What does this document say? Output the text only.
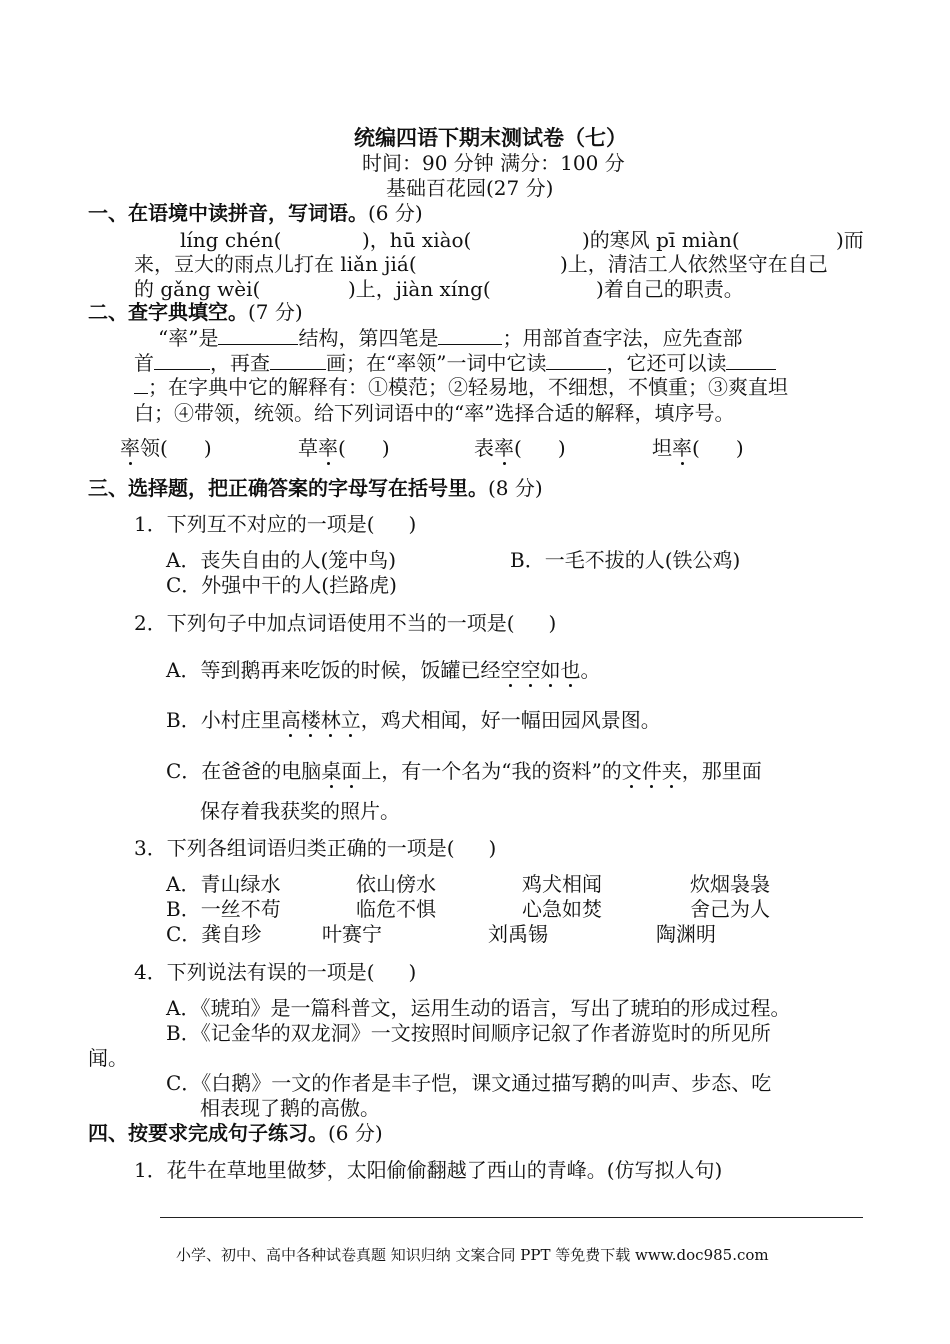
统编四语下期末测试卷（七）
时间：90 分钟 满分：100 分
基础百花园(27 分)
一、在语境中读拼音，写词语。(6 分)
líng chén(	)，hū xiào(	)的寒风 pī miàn(	)而
来，豆大的雨点儿打在 liǎn jiá(	)上，清洁工人依然坚守在自己
的 gǎng wèi(	)上，jiàn xíng(	)着自己的职责。
二、查字典填空。(7 分)
“率”是	结构，第四笔是	；用部首查字法，应先查部
首	，再查	画；在“率领”一词中它读	，它还可以读
；在字典中它的解释有：①模范；②轻易地，不细想，不慎重；③爽直坦
白；④带领，统领。给下列词语中的“率”选择合适的解释，填序号。
率领( )	草率( )	表率( )	坦率( )
三、选择题，把正确答案的字母写在括号里。(8 分)
1．下列互不对应的一项是( )
A．丧失自由的人(笼中鸟)	B．一毛不拔的人(铁公鸡)
C．外强中干的人(拦路虎)
2．下列句子中加点词语使用不当的一项是( )
A．等到鹅再来吃饭的时候，饭罐已经空空如也。
B．小村庄里高楼林立，鸡犬相闻，好一幅田园风景图。
C．在爸爸的电脑桌面上，有一个名为“我的资料”的文件夹，那里面
保存着我获奖的照片。
3．下列各组词语归类正确的一项是( )
A．青山绿水	依山傍水	鸡犬相闻	炊烟袅袅
B．一丝不苟	临危不惧	心急如焚	舍己为人
C．龚自珍	叶赛宁	刘禹锡	陶渊明
4．下列说法有误的一项是( )
A．《琥珀》是一篇科普文，运用生动的语言，写出了琥珀的形成过程。
B．《记金华的双龙洞》一文按照时间顺序记叙了作者游览时的所见所
闻。
C．《白鹅》一文的作者是丰子恺，课文通过描写鹅的叫声、步态、吃
相表现了鹅的高傲。
四、按要求完成句子练习。(6 分)
1．花牛在草地里做梦，太阳偷偷翻越了西山的青峰。(仿写拟人句)
小学、初中、高中各种试卷真题 知识归纳 文案合同 PPT 等免费下载 www.doc985.com
